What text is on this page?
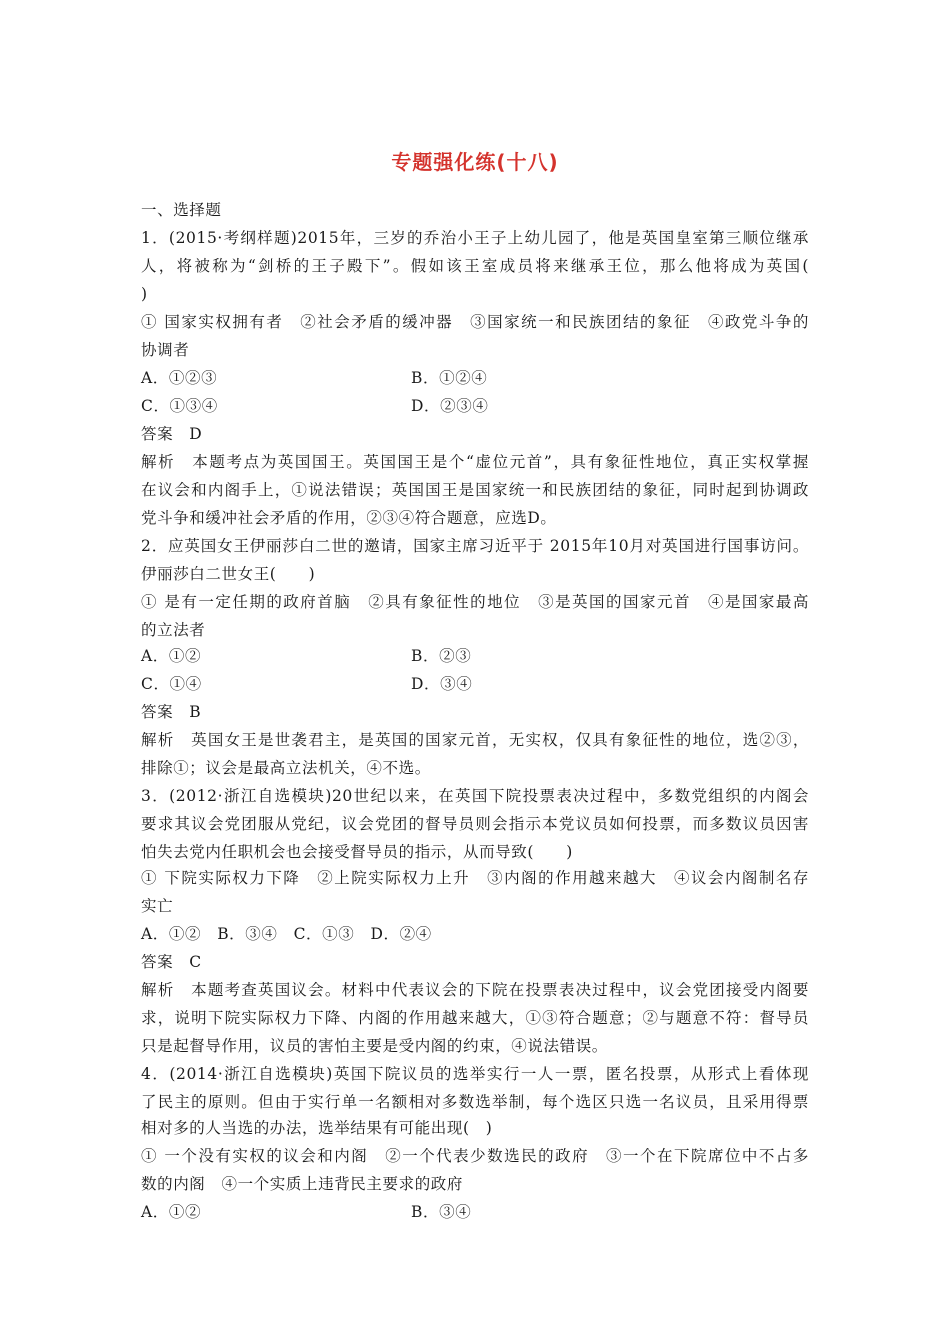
专题强化练(十八)
一、选择题
1．(2015·考纲样题)2015年，三岁的乔治小王子上幼儿园了，他是英国皇室第三顺位继承
人，将被称为“剑桥的王子殿下”。假如该王室成员将来继承王位，那么他将成为英国(
)
① 国家实权拥有者　②社会矛盾的缓冲器　③国家统一和民族团结的象征　④政党斗争的
协调者
A．①②③	B．①②④
C．①③④	D．②③④
答案　D
解析　本题考点为英国国王。英国国王是个“虚位元首”，具有象征性地位，真正实权掌握
在议会和内阁手上，①说法错误；英国国王是国家统一和民族团结的象征，同时起到协调政
党斗争和缓冲社会矛盾的作用，②③④符合题意，应选D。
2．应英国女王伊丽莎白二世的邀请，国家主席习近平于 2015年10月对英国进行国事访问。
伊丽莎白二世女王(　　)
① 是有一定任期的政府首脑　②具有象征性的地位　③是英国的国家元首　④是国家最高
的立法者
A．①②	B．②③
C．①④	D．③④
答案　B
解析　英国女王是世袭君主，是英国的国家元首，无实权，仅具有象征性的地位，选②③，
排除①；议会是最高立法机关，④不选。
3．(2012·浙江自选模块)20世纪以来，在英国下院投票表决过程中，多数党组织的内阁会
要求其议会党团服从党纪，议会党团的督导员则会指示本党议员如何投票，而多数议员因害
怕失去党内任职机会也会接受督导员的指示，从而导致(　　)
① 下院实际权力下降　②上院实际权力上升　③内阁的作用越来越大　④议会内阁制名存
实亡
A．①②　B．③④　C．①③　D．②④
答案　C
解析　本题考查英国议会。材料中代表议会的下院在投票表决过程中，议会党团接受内阁要
求，说明下院实际权力下降、内阁的作用越来越大，①③符合题意；②与题意不符：督导员
只是起督导作用，议员的害怕主要是受内阁的约束，④说法错误。
4．(2014·浙江自选模块)英国下院议员的选举实行一人一票，匿名投票，从形式上看体现
了民主的原则。但由于实行单一名额相对多数选举制，每个选区只选一名议员，且采用得票
相对多的人当选的办法，选举结果有可能出现(　)
① 一个没有实权的议会和内阁　②一个代表少数选民的政府　③一个在下院席位中不占多
数的内阁　④一个实质上违背民主要求的政府
A．①②	B．③④
